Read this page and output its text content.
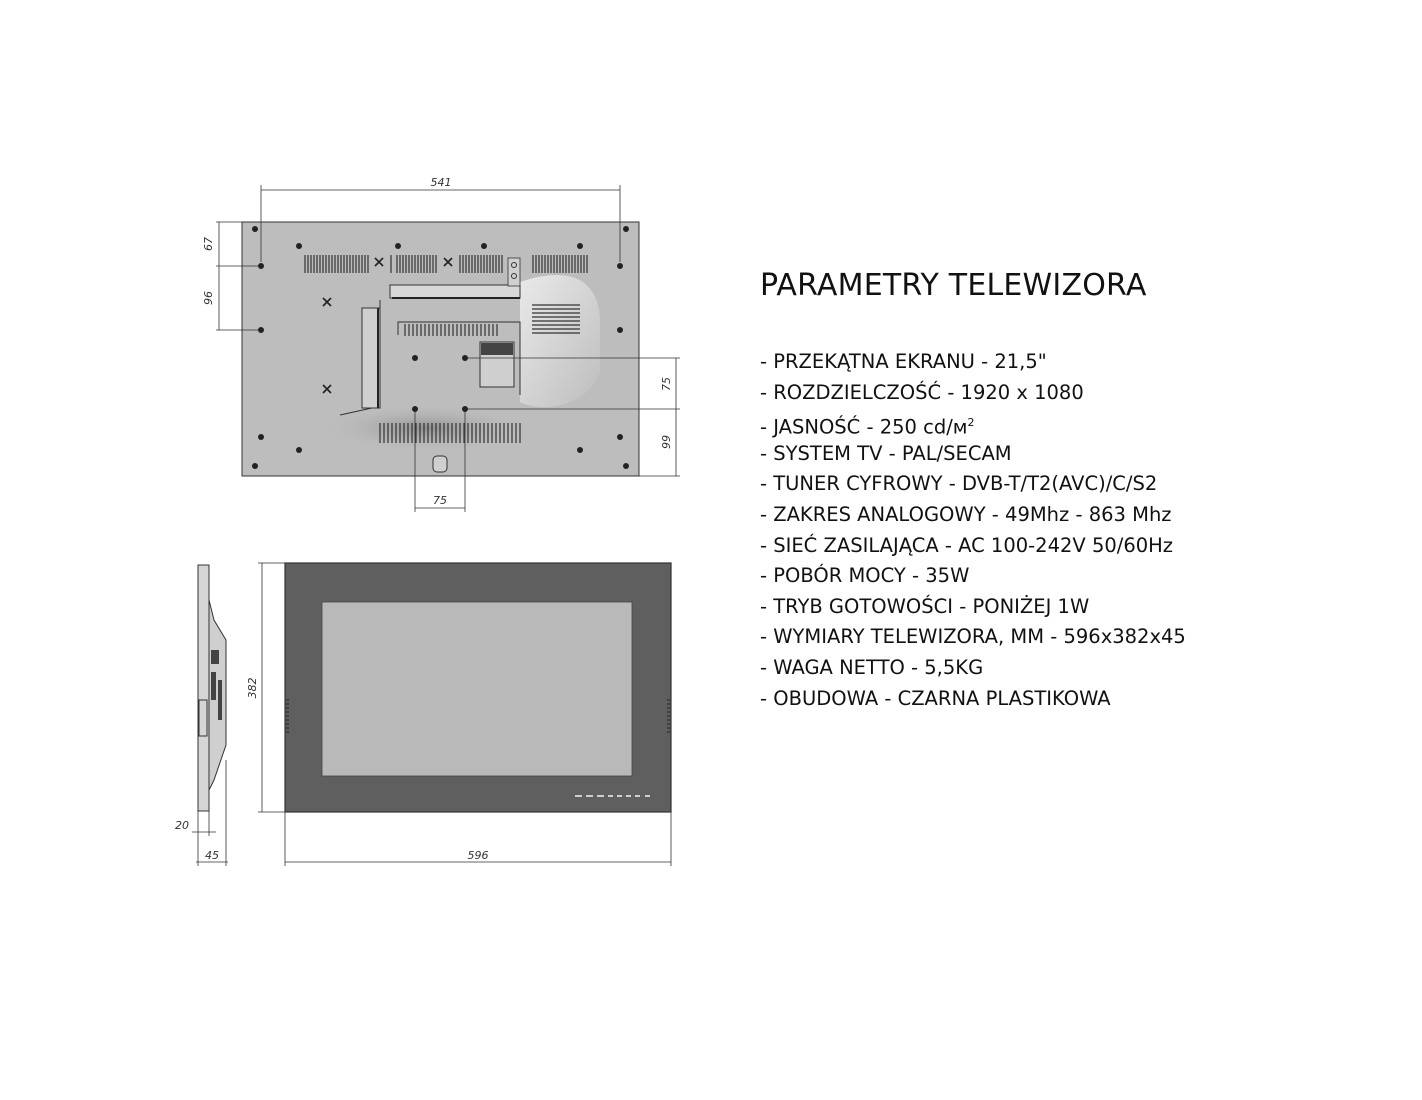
541
67
96
75
99
75
20
45
382
596
PARAMETRY TELEWIZORA
- PRZEKĄTNA EKRANU - 21,5"
- ROZDZIELCZOŚĆ - 1920 x 1080
- JASNOŚĆ - 250 $cd/м^2$
- SYSTEM TV - PAL/SECAM
- TUNER CYFROWY - DVB-T/T2(AVC)/C/S2
- ZAKRES ANALOGOWY - 49Mhz - 863 Mhz
- SIEĆ ZASILAJĄCA - AC 100-242V 50/60Hz
- POBÓR MOCY - 35W
- TRYB GOTOWOŚCI - PONIŻEJ 1W
- WYMIARY TELEWIZORA, MM - 596x382x45
- WAGA NETTO - 5,5KG
- OBUDOWA - CZARNA PLASTIKOWA
